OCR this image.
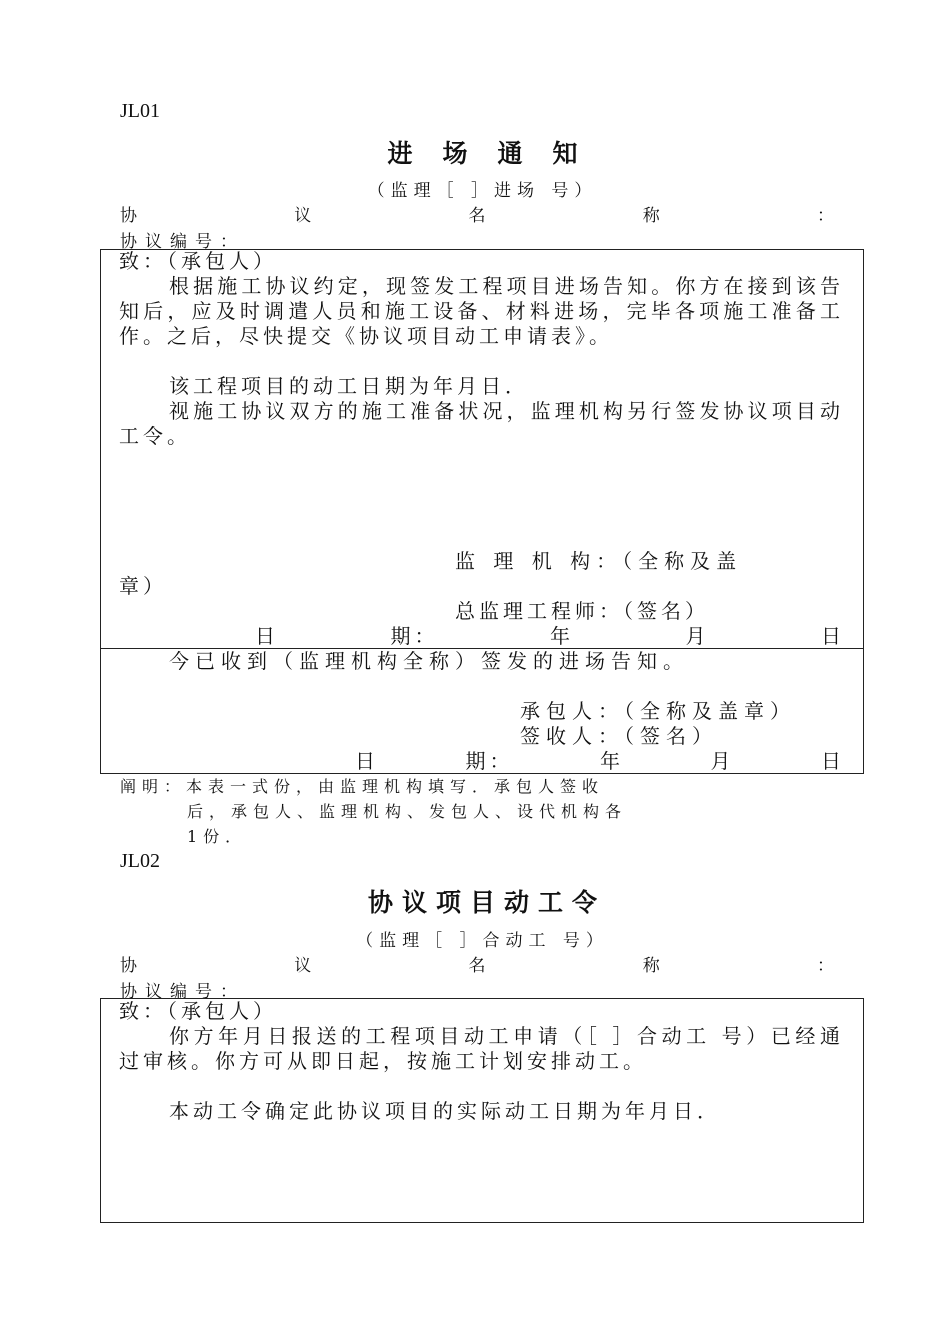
JL01
进场通知
（监理［ ］进场 号）
协	议	名	称	：
协议编号：
致：（承包人）
根据施工协议约定，现签发工程项目进场告知。你方在接到该告知后，应及时调遣人员和施工设备、材料进场，完毕各项施工准备工作。之后，尽快提交《协议项目动工申请表》。
该工程项目的动工日期为年月日．
视施工协议双方的施工准备状况，监理机构另行签发协议项目动工令。
监 理 机 构：（全称及盖
章）
总监理工程师：（签名）
日	期：	年	月	日
今已收到（监理机构全称）签发的进场告知。
承包人：（全称及盖章）
签收人：（签名）
日	期：	年	月	日
阐明：本表一式份，由监理机构填写．承包人签收
后，承包人、监理机构、发包人、设代机构各
1份．
JL02
协议项目动工令
（监理［ ］合动工 号）
协	议	名	称	：
协议编号：
致：（承包人）
你方年月日报送的工程项目动工申请（［ ］合动工 号）已经通过审核。你方可从即日起，按施工计划安排动工。
本动工令确定此协议项目的实际动工日期为年月日．
